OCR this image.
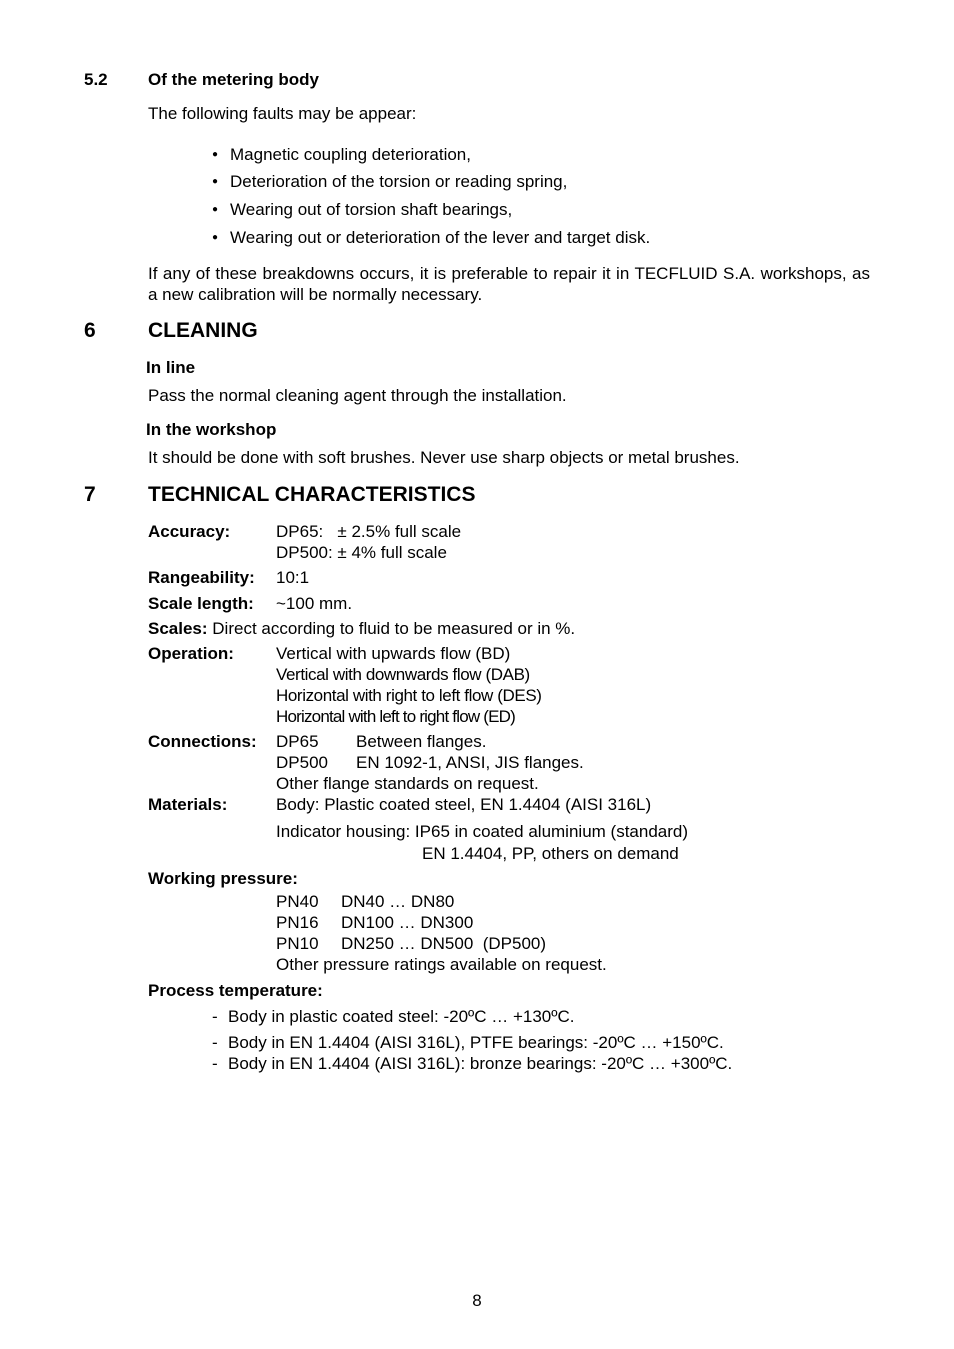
5.2 Of the metering body
The following faults may be appear:
● Magnetic coupling deterioration,
● Deterioration of the torsion or reading spring,
● Wearing out of torsion shaft bearings,
● Wearing out or deterioration of the lever and target disk.
If any of these breakdowns occurs, it is preferable to repair it in TECFLUID S.A. workshops, as a new calibration will be normally necessary.
6 CLEANING
In line
Pass the normal cleaning agent through the installation.
In the workshop
It should be done with soft brushes. Never use sharp objects or metal brushes.
7 TECHNICAL CHARACTERISTICS
Accuracy:	DP65:   ± 2.5% full scale
DP500: ± 4% full scale
Rangeability: 10:1
Scale length: ~100 mm.
Scales: Direct according to fluid to be measured or in %.
Operation: Vertical with upwards flow (BD)
Vertical with downwards flow (DAB)
Horizontal with right to left flow (DES)
Horizontal with left to right flow (ED)
Connections: DP65 Between flanges.
DP500 EN 1092-1, ANSI, JIS flanges.
Other flange standards on request.
Materials:	Body: Plastic coated steel, EN 1.4404 (AISI 316L)
Indicator housing: IP65 in coated aluminium (standard)
EN 1.4404, PP, others on demand
Working pressure:
PN40 DN40 … DN80
PN16 DN100 … DN300
PN10 DN250 … DN500  (DP500)
Other pressure ratings available on request.
Process temperature:
- Body in plastic coated steel: -20ºC … +130ºC.
- Body in EN 1.4404 (AISI 316L), PTFE bearings: -20ºC … +150ºC.
- Body in EN 1.4404 (AISI 316L): bronze bearings: -20ºC … +300ºC.
8
